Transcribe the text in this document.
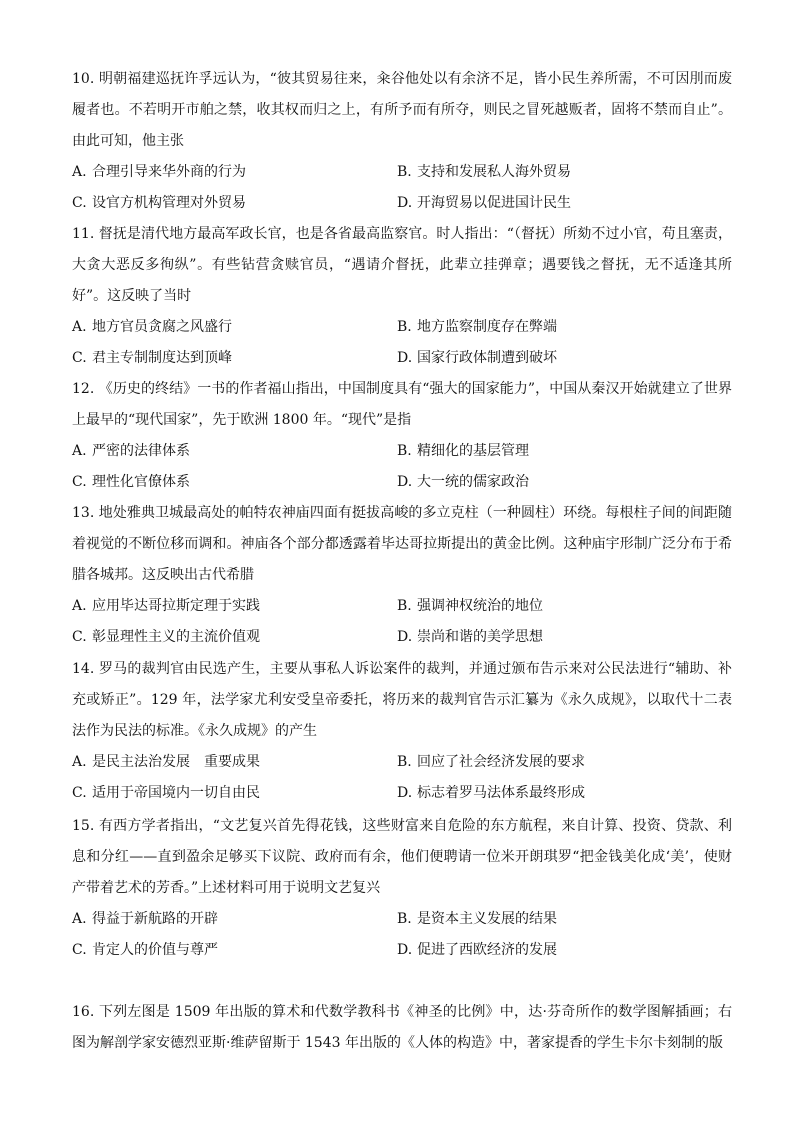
10. 明朝福建巡抚许孚远认为，“彼其贸易往来，籴谷他处以有余济不足，皆小民生养所需，不可因刖而废履者也。不若明开市舶之禁，收其权而归之上，有所予而有所夺，则民之冒死越贩者，固将不禁而自止”。由此可知，他主张

A. 合理引导来华外商的行为	B. 支持和发展私人海外贸易
C. 设官方机构管理对外贸易	D. 开海贸易以促进国计民生

11. 督抚是清代地方最高军政长官，也是各省最高监察官。时人指出：“（督抚）所劾不过小官，苟且塞责，大贪大恶反多徇纵”。有些钻营贪赎官员，“遇请介督抚，此辈立挂弹章；遇要钱之督抚，无不适逢其所好”。这反映了当时

A. 地方官员贪腐之风盛行	B. 地方监察制度存在弊端
C. 君主专制制度达到顶峰	D. 国家行政体制遭到破坏

12. 《历史的终结》一书的作者福山指出，中国制度具有“强大的国家能力”，中国从秦汉开始就建立了世界上最早的“现代国家”，先于欧洲 1800 年。“现代”是指

A. 严密的法律体系	B. 精细化的基层管理
C. 理性化官僚体系	D. 大一统的儒家政治

13. 地处雅典卫城最高处的帕特农神庙四面有挺拔高峻的多立克柱（一种圆柱）环绕。每根柱子间的间距随着视觉的不断位移而调和。神庙各个部分都透露着毕达哥拉斯提出的黄金比例。这种庙宇形制广泛分布于希腊各城邦。这反映出古代希腊

A. 应用毕达哥拉斯定理于实践	B. 强调神权统治的地位
C. 彰显理性主义的主流价值观	D. 崇尚和谐的美学思想

14. 罗马的裁判官由民选产生，主要从事私人诉讼案件的裁判，并通过颁布告示来对公民法进行“辅助、补充或矫正”。129 年，法学家尤利安受皇帝委托，将历来的裁判官告示汇纂为《永久成规》，以取代十二表法作为民法的标准。《永久成规》的产生

A. 是民主法治发展　重要成果	B. 回应了社会经济发展的要求
C. 适用于帝国境内一切自由民	D. 标志着罗马法体系最终形成

15. 有西方学者指出，“文艺复兴首先得花钱，这些财富来自危险的东方航程，来自计算、投资、贷款、利息和分红——直到盈余足够买下议院、政府而有余，他们便聘请一位米开朗琪罗“把金钱美化成‘美’，使财产带着艺术的芳香。”上述材料可用于说明文艺复兴

A. 得益于新航路的开辟	B. 是资本主义发展的结果
C. 肯定人的价值与尊严	D. 促进了西欧经济的发展

16. 下列左图是 1509 年出版的算术和代数学教科书《神圣的比例》中，达·芬奇所作的数学图解插画；右图为解剖学家安德烈亚斯·维萨留斯于 1543 年出版的《人体的构造》中，著家提香的学生卡尔卡刻制的版
